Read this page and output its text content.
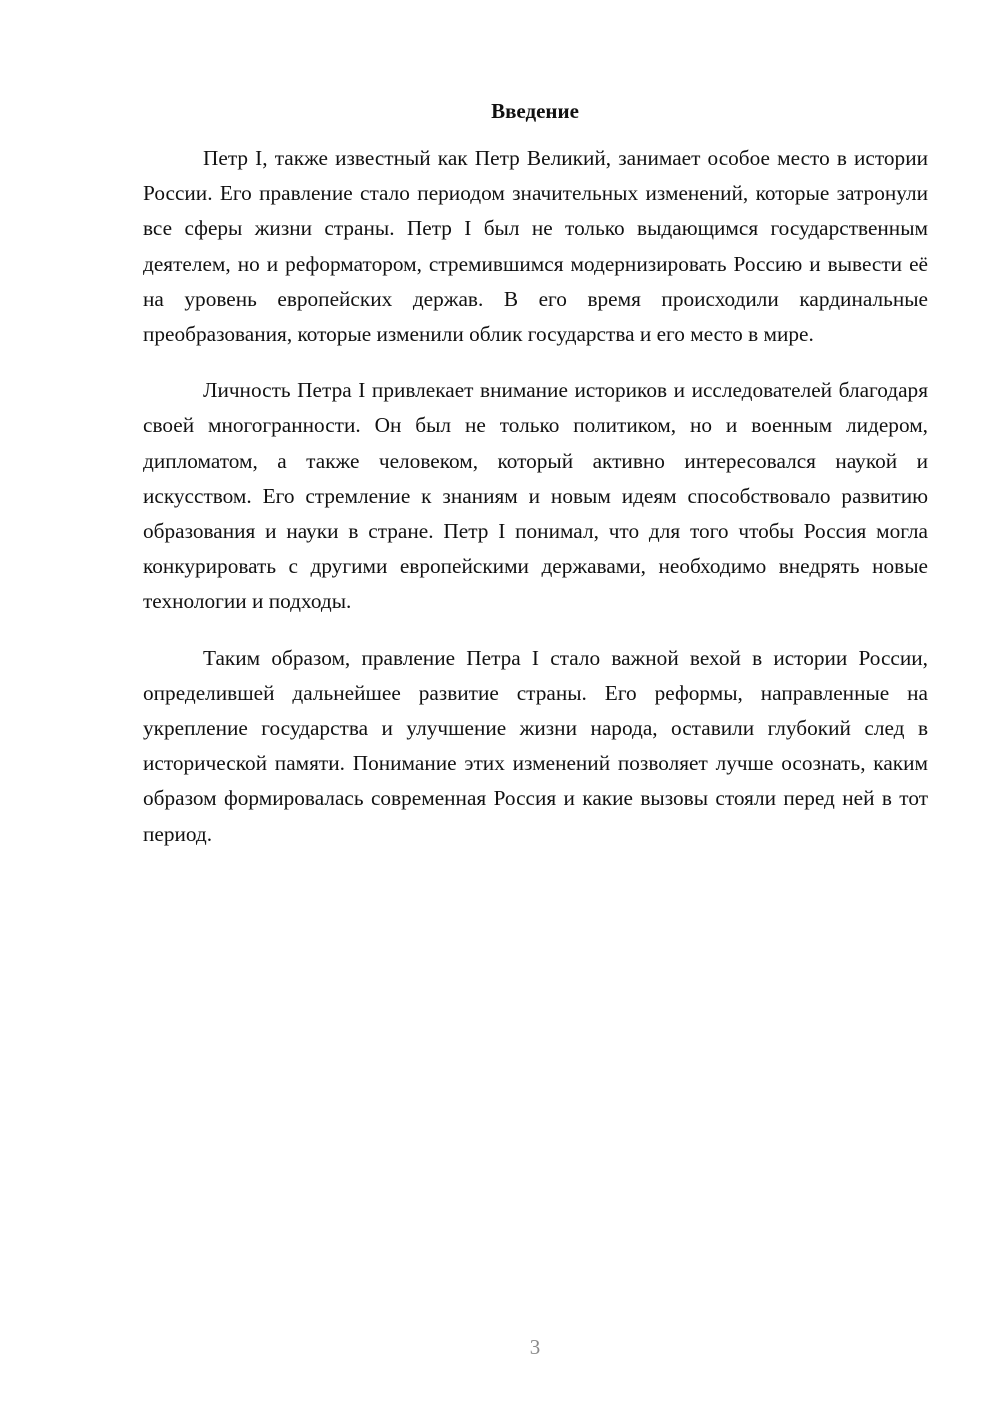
Введение

Петр I, также известный как Петр Великий, занимает особое место в истории России. Его правление стало периодом значительных изменений, которые затронули все сферы жизни страны. Петр I был не только выдающимся государственным деятелем, но и реформатором, стремившимся модернизировать Россию и вывести её на уровень европейских держав. В его время происходили кардинальные преобразования, которые изменили облик государства и его место в мире.

Личность Петра I привлекает внимание историков и исследователей благодаря своей многогранности. Он был не только политиком, но и военным лидером, дипломатом, а также человеком, который активно интересовался наукой и искусством. Его стремление к знаниям и новым идеям способствовало развитию образования и науки в стране. Петр I понимал, что для того чтобы Россия могла конкурировать с другими европейскими державами, необходимо внедрять новые технологии и подходы.

Таким образом, правление Петра I стало важной вехой в истории России, определившей дальнейшее развитие страны. Его реформы, направленные на укрепление государства и улучшение жизни народа, оставили глубокий след в исторической памяти. Понимание этих изменений позволяет лучше осознать, каким образом формировалась современная Россия и какие вызовы стояли перед ней в тот период.

3
